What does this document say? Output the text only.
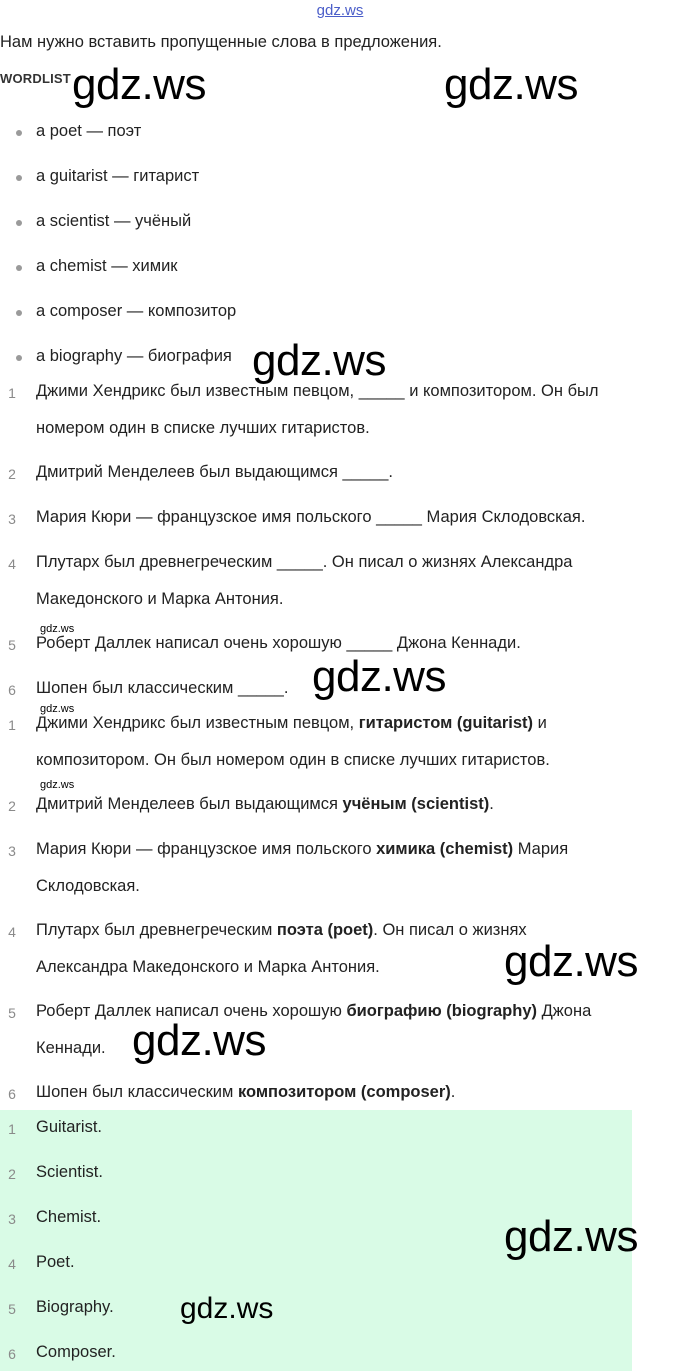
gdz.ws
Нам нужно вставить пропущенные слова в предложения.
WORDLIST
a poet — поэт
a guitarist — гитарист
a scientist — учёный
a chemist — химик
a composer — композитор
a biography — биография
1	Джими Хендрикс был известным певцом, _____ и композитором. Он был
номером один в списке лучших гитаристов.
2	Дмитрий Менделеев был выдающимся _____.
3	Мария Кюри — французское имя польского _____ Мария Склодовская.
4	Плутарх был древнегреческим _____. Он писал о жизнях Александра
Македонского и Марка Антония.
5	Роберт Даллек написал очень хорошую _____ Джона Кеннади.
6	Шопен был классическим _____.
1	Джими Хендрикс был известным певцом, гитаристом (guitarist) и
композитором. Он был номером один в списке лучших гитаристов.
2	Дмитрий Менделеев был выдающимся учёным (scientist).
3	Мария Кюри — французское имя польского химика (chemist) Мария
Склодовская.
4	Плутарх был древнегреческим поэта (poet). Он писал о жизнях
Александра Македонского и Марка Антония.
5	Роберт Даллек написал очень хорошую биографию (biography) Джона
Кеннади.
6	Шопен был классическим композитором (composer).
1	Guitarist.
2	Scientist.
3	Chemist.
4	Poet.
5	Biography.
6	Composer.
gdz.ws	gdz.ws
gdz.ws
gdz.ws
gdz.ws
gdz.ws
gdz.ws
gdz.ws
gdz.ws
gdz.ws
gdz.ws
